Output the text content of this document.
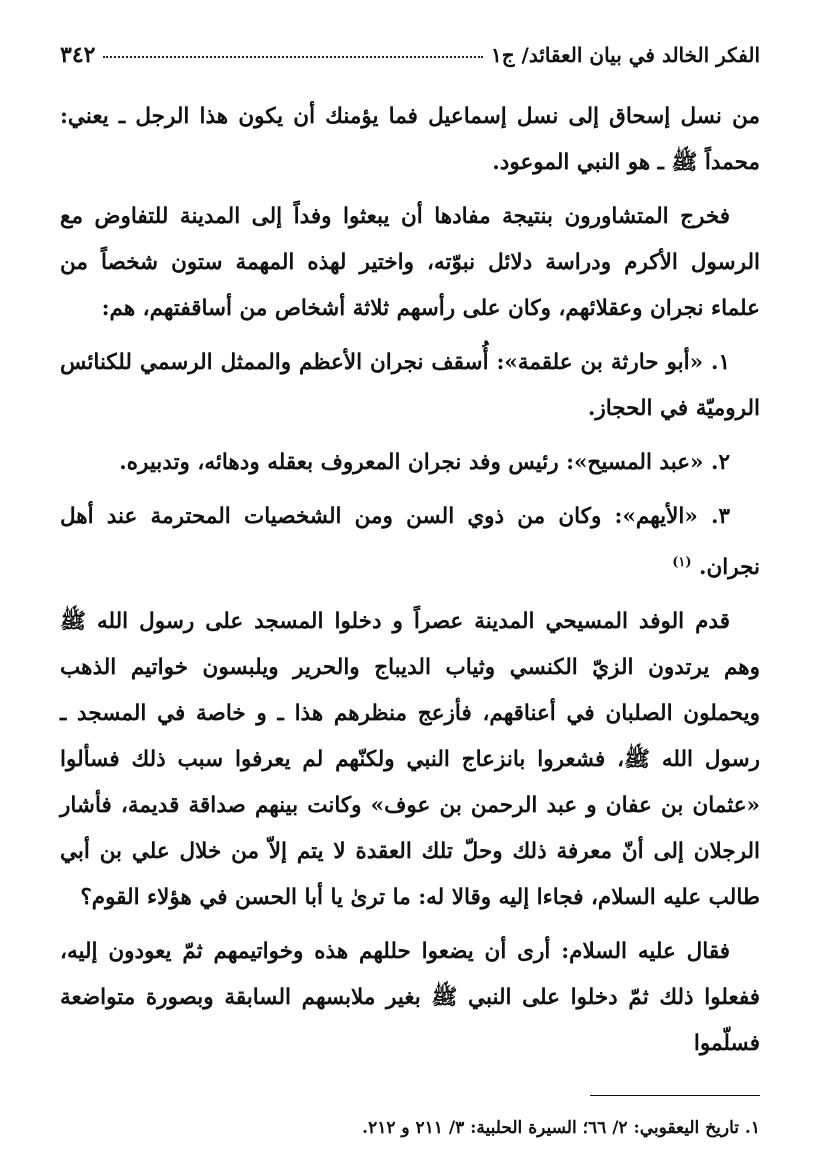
الفكر الخالد في بيان العقائد/ ج١
٣٤٢

من نسل إسحاق إلى نسل إسماعيل فما يؤمنك أن يكون هذا الرجل ـ يعني: محمداً ﷺ ـ هو النبي الموعود.

فخرج المتشاورون بنتيجة مفادها أن يبعثوا وفداً إلى المدينة للتفاوض مع الرسول الأكرم ودراسة دلائل نبوّته، واختير لهذه المهمة ستون شخصاً من علماء نجران وعقلائهم، وكان على رأسهم ثلاثة أشخاص من أساقفتهم، هم:

١. «أبو حارثة بن علقمة»: أُسقف نجران الأعظم والممثل الرسمي للكنائس الروميّة في الحجاز.

٢. «عبد المسيح»: رئيس وفد نجران المعروف بعقله ودهائه، وتدبيره.

٣. «الأيهم»: وكان من ذوي السن ومن الشخصيات المحترمة عند أهل نجران. $^{(١)}$

قدم الوفد المسيحي المدينة عصراً و دخلوا المسجد على رسول الله ﷺ وهم يرتدون الزيّ الكنسي وثياب الديباج والحرير ويلبسون خواتيم الذهب ويحملون الصلبان في أعناقهم، فأزعج منظرهم هذا ـ و خاصة في المسجد ـ رسول الله ﷺ، فشعروا بانزعاج النبي ولكنّهم لم يعرفوا سبب ذلك فسألوا «عثمان بن عفان و عبد الرحمن بن عوف» وكانت بينهم صداقة قديمة، فأشار الرجلان إلى أنّ معرفة ذلك وحلّ تلك العقدة لا يتم إلاّ من خلال علي بن أبي طالب عليه السلام، فجاءا إليه وقالا له: ما ترىٰ يا أبا الحسن في هؤلاء القوم؟

فقال عليه السلام: أرى أن يضعوا حللهم هذه وخواتيمهم ثمّ يعودون إليه، ففعلوا ذلك ثمّ دخلوا على النبي ﷺ بغير ملابسهم السابقة وبصورة متواضعة فسلّموا

١. تاريخ اليعقوبي: ٢/ ٦٦؛ السيرة الحلبية: ٣/ ٢١١ و ٢١٢.
